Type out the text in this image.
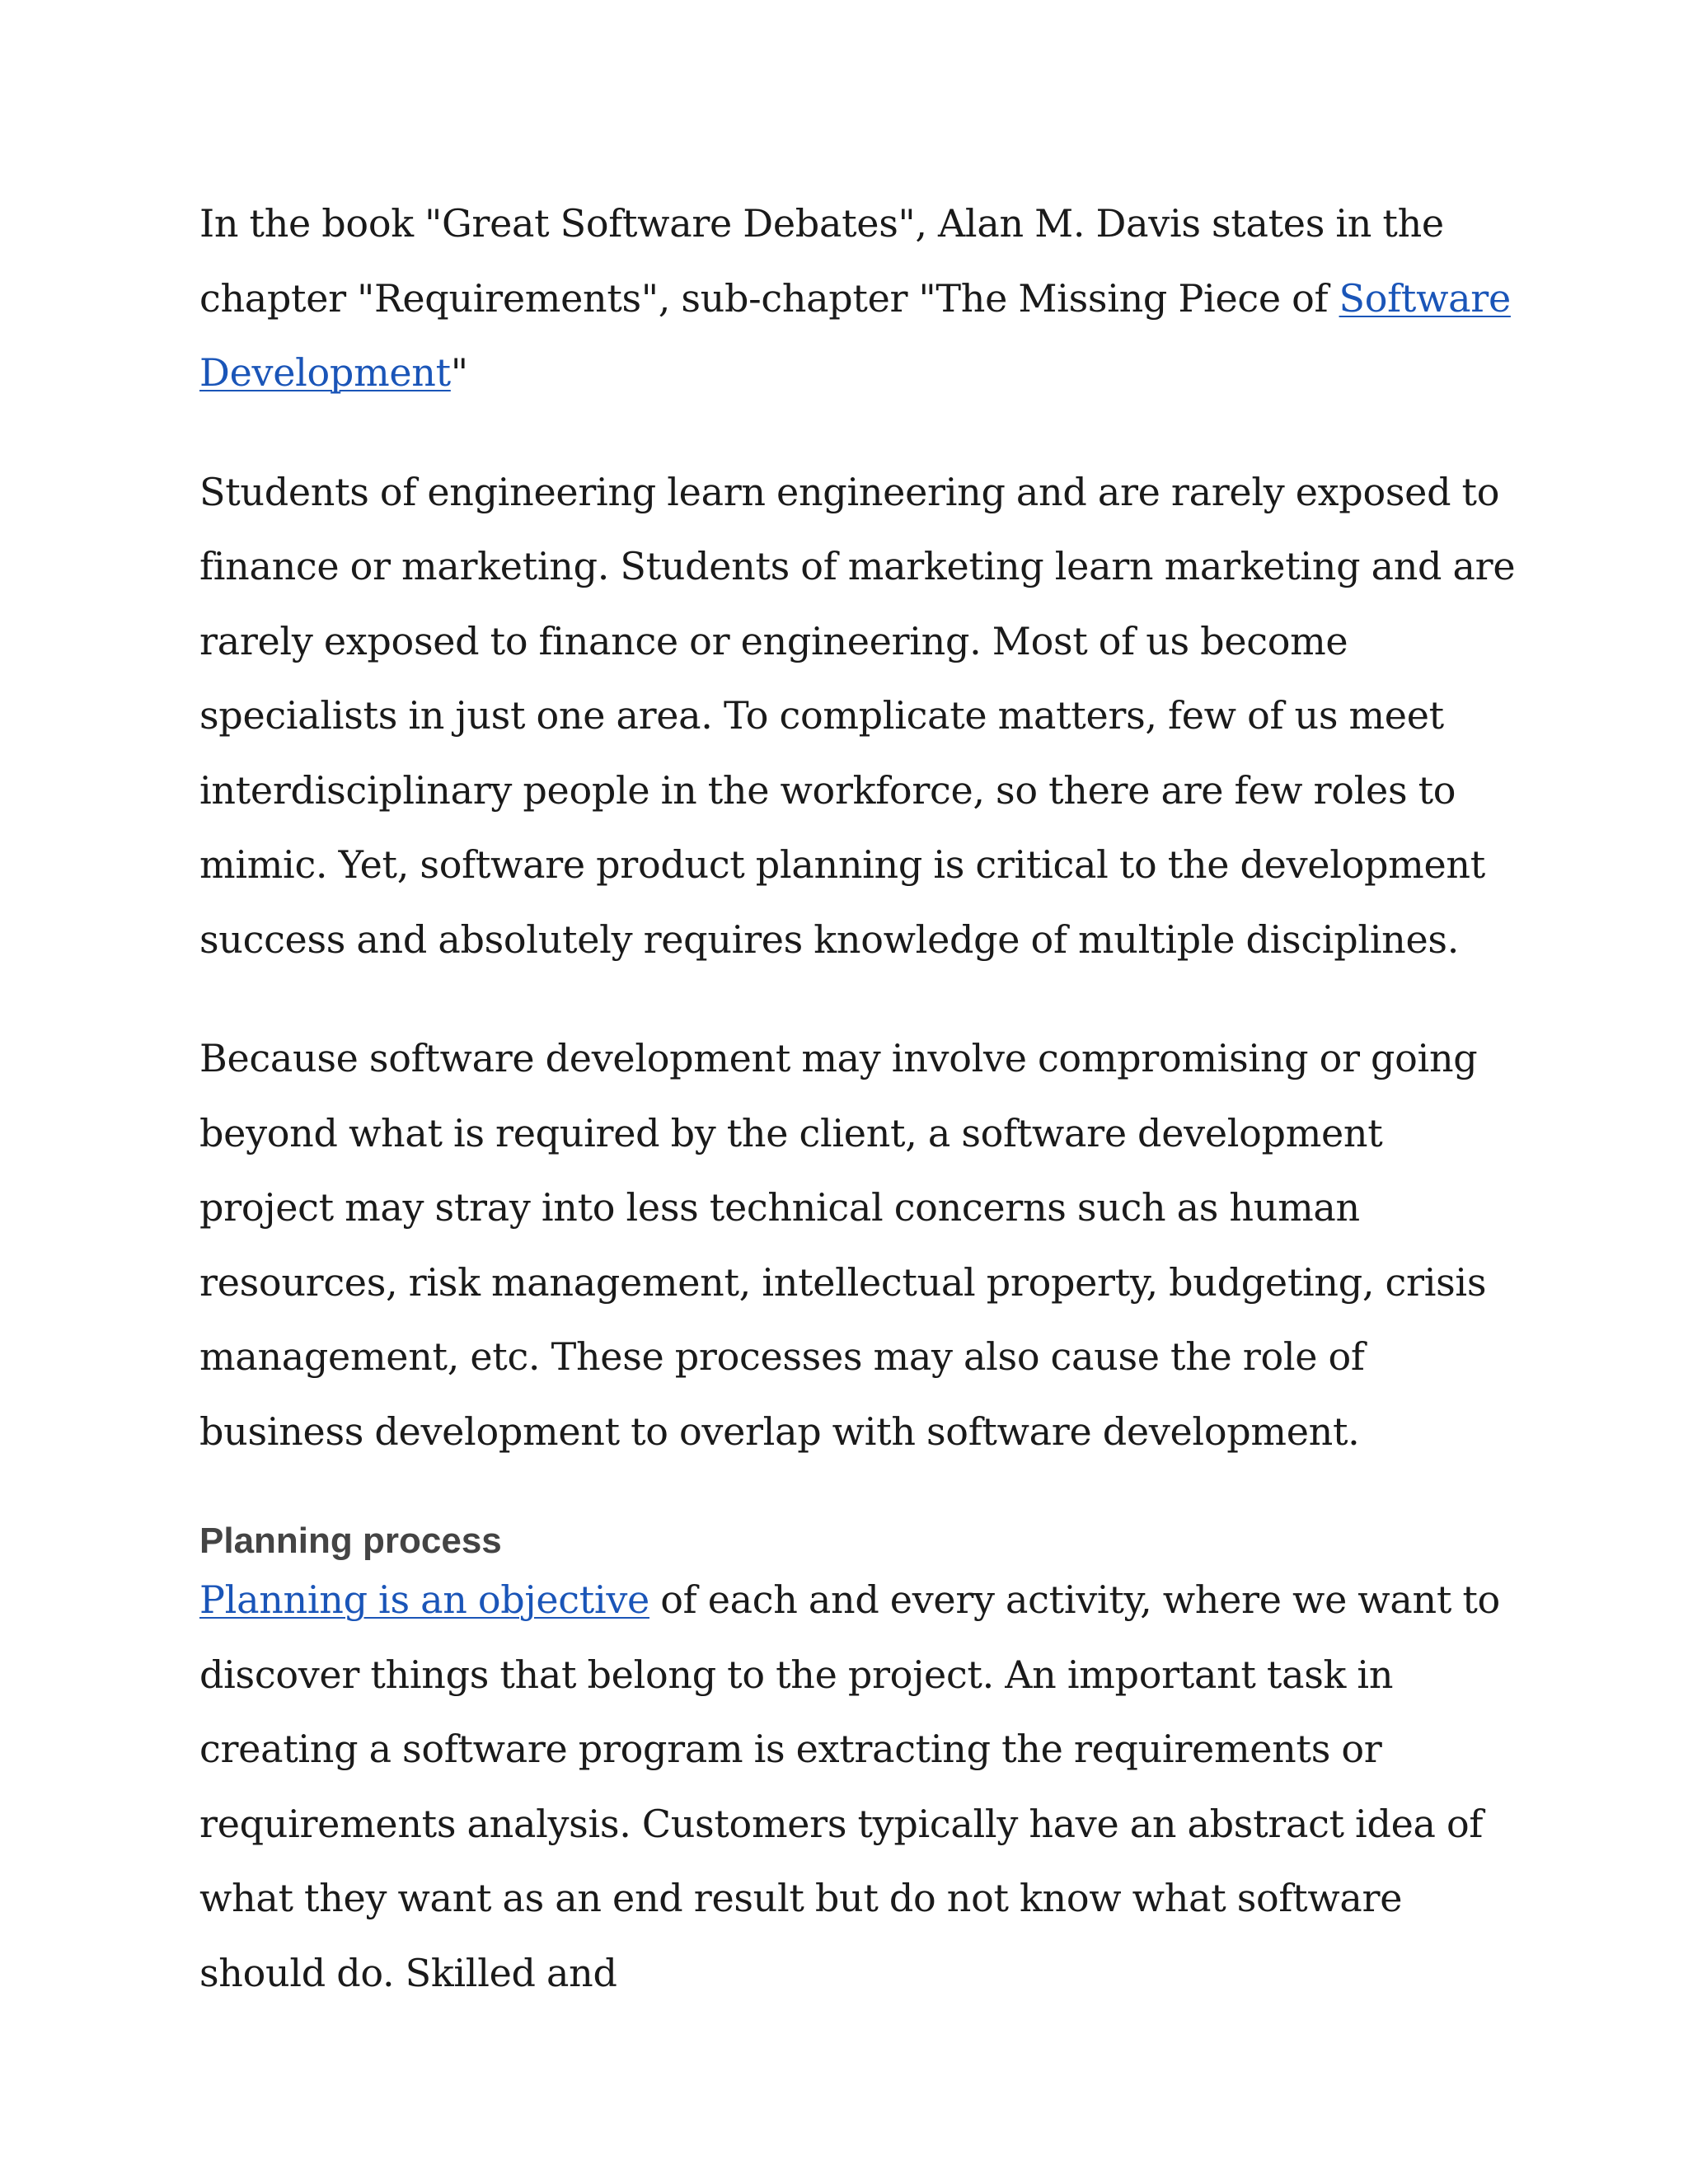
In the book "Great Software Debates", Alan M. Davis states in the chapter "Requirements", sub-chapter "The Missing Piece of Software Development"

Students of engineering learn engineering and are rarely exposed to finance or marketing. Students of marketing learn marketing and are rarely exposed to finance or engineering. Most of us become specialists in just one area. To complicate matters, few of us meet interdisciplinary people in the workforce, so there are few roles to mimic. Yet, software product planning is critical to the development success and absolutely requires knowledge of multiple disciplines.

Because software development may involve compromising or going beyond what is required by the client, a software development project may stray into less technical concerns such as human resources, risk management, intellectual property, budgeting, crisis management, etc. These processes may also cause the role of business development to overlap with software development.

Planning process

Planning is an objective of each and every activity, where we want to discover things that belong to the project. An important task in creating a software program is extracting the requirements or requirements analysis. Customers typically have an abstract idea of what they want as an end result but do not know what software should do. Skilled and
